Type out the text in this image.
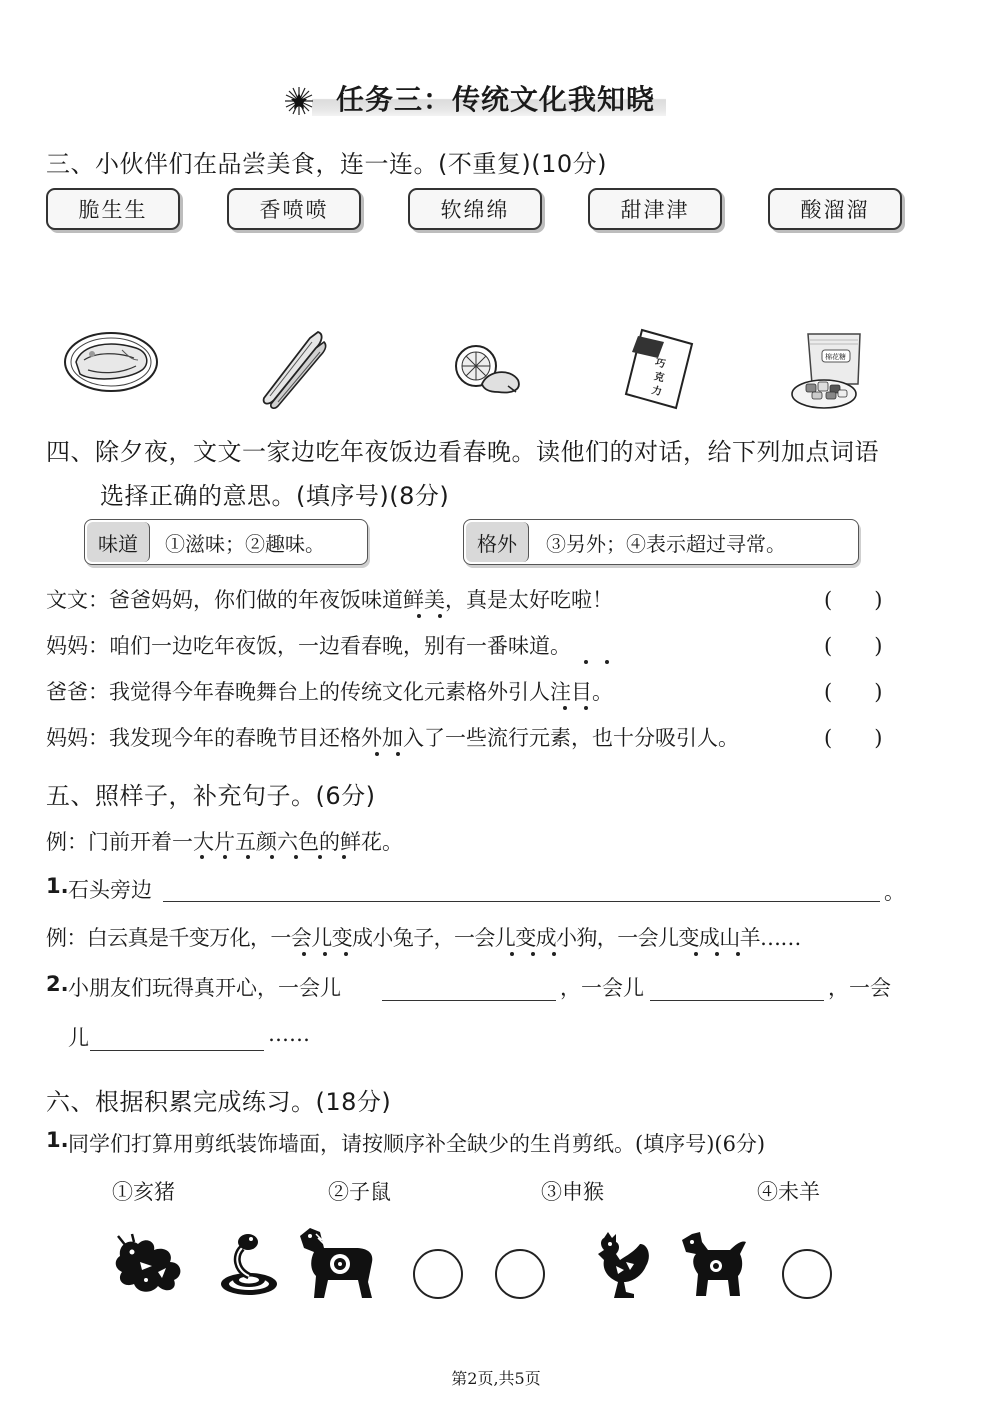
任务三：传统文化我知晓
三、小伙伴们在品尝美食，连一连。(不重复)(10分)
脆生生	香喷喷	软绵绵	甜津津	酸溜溜
巧
克
力
棉花糖
四、除夕夜，文文一家边吃年夜饭边看春晚。读他们的对话，给下列加点词语
选择正确的意思。(填序号)(8分)
味道	①滋味；②趣味。	格外	③另外；④表示超过寻常。
文文：爸爸妈妈，你们做的年夜饭味道鲜美，真是太好吃啦！	(　　)
妈妈：咱们一边吃年夜饭，一边看春晚，别有一番味道。	(　　)
爸爸：我觉得今年春晚舞台上的传统文化元素格外引人注目。	(　　)
妈妈：我发现今年的春晚节目还格外加入了一些流行元素，也十分吸引人。	(　　)
五、照样子，补充句子。(6分)
例：门前开着一大片五颜六色的鲜花。
1. 石头旁边	。
例：白云真是千变万化，一会儿变成小兔子，一会儿变成小狗，一会儿变成山羊……
2. 小朋友们玩得真开心，一会儿	，一会儿	，一会
儿	……
六、根据积累完成练习。(18分)
1. 同学们打算用剪纸装饰墙面，请按顺序补全缺少的生肖剪纸。(填序号)(6分)
①亥猪	②子鼠	③申猴	④未羊
第2页,共5页
